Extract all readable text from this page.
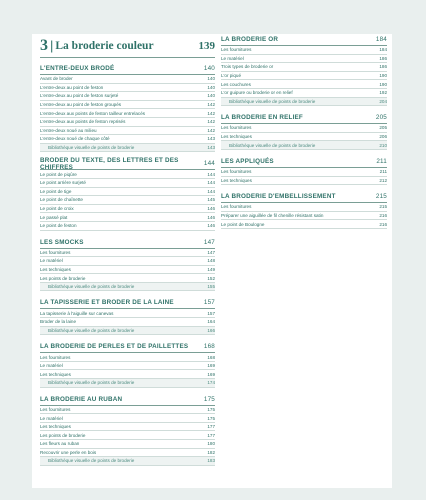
3 | La broderie couleur	139
L'ENTRE-DEUX BRODÉ	140
Avant de broder	140
L'entre-deux au point de feston	140
L'entre-deux au point de feston surjeté	140
L'entre-deux au point de feston groupés	142
L'entre-deux aux points de feston tailleur entrelacés	142
L'entre-deux aux points de feston reprisés	142
L'entre-deux noué au milieu	142
L'entre-deux noué de chaque côté	143
Bibliothèque visuelle de points de broderie	143
BRODER DU TEXTE, DES LETTRES ET DES CHIFFRES	144
Le point de piqûre	144
Le point arrière surjeté	144
Le point de tige	144
Le point de chaînette	145
Le point de croix	146
Le passé plat	146
Le point de feston	146
LES SMOCKS	147
Les fournitures	147
Le matériel	148
Les techniques	149
Les points de broderie	152
Bibliothèque visuelle de points de broderie	155
LA TAPISSERIE ET BRODER DE LA LAINE	157
La tapisserie à l'aiguille sur canevas	157
Broder de la laine	164
Bibliothèque visuelle de points de broderie	166
LA BRODERIE DE PERLES ET DE PAILLETTES 168
Les fournitures	168
Le matériel	169
Les techniques	169
Bibliothèque visuelle de points de broderie	174
LA BRODERIE AU RUBAN	175
Les fournitures	175
Le matériel	175
Les techniques	177
Les points de broderie	177
Les fleurs au ruban	180
Recouvrir une perle en bois	182
Bibliothèque visuelle de points de broderie	183
LA BRODERIE OR	184
Les fournitures	184
Le matériel	186
Trois types de broderie or	186
L'or piqué	190
Les couchures	190
L'or guipure ou broderie or en relief	192
Bibliothèque visuelle de points de broderie	204
LA BRODERIE EN RELIEF	205
Les fournitures	205
Les techniques	206
Bibliothèque visuelle de points de broderie	210
LES APPLIQUÉS	211
Les fournitures	211
Les techniques	212
LA BRODERIE D'EMBELLISSEMENT	215
Les fournitures	215
Préparer une aiguillée de fil chenille résistant satin	216
Le point de Boulogne	216
